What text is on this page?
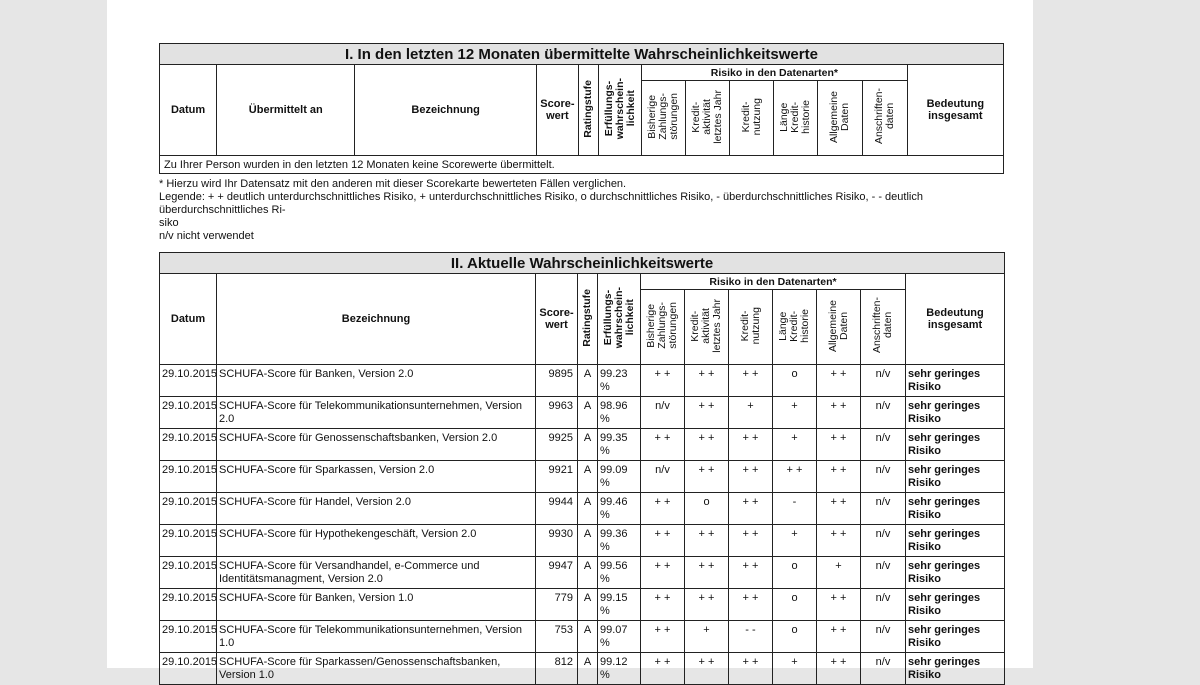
I. In den letzten 12 Monaten übermittelte Wahrscheinlichkeitswerte												
Datum	Übermittelt an	Bezeichnung	Score-
wert	Ratingstufe	Erfüllungs-
wahrschein-
lichkeit	Risiko in den Datenarten*						Bedeutung
insgesamt
						Bisherige
Zahlungs-
störungen	Kredit-
aktivität
letztes Jahr	Kredit-
nutzung	Länge
Kredit-
historie	Allgemeine
Daten	Anschriften-
daten	
Zu Ihrer Person wurden in den letzten 12 Monaten keine Scorewerte übermittelt.												
* Hierzu wird Ihr Datensatz mit den anderen mit dieser Scorekarte bewerteten Fällen verglichen.
Legende: + + deutlich unterdurchschnittliches Risiko, + unterdurchschnittliches Risiko, o durchschnittliches Risiko, - überdurchschnittliches Risiko, - - deutlich überdurchschnittliches Ri-
siko
n/v nicht verwendet
II. Aktuelle Wahrscheinlichkeitswerte											
Datum	Bezeichnung	Score-
wert	Ratingstufe	Erfüllungs-
wahrschein-
lichkeit	Risiko in den Datenarten*						Bedeutung
insgesamt
					Bisherige
Zahlungs-
störungen	Kredit-
aktivität
letztes Jahr	Kredit-
nutzung	Länge
Kredit-
historie	Allgemeine
Daten	Anschriften-
daten	
29.10.2015	SCHUFA-Score für Banken, Version 2.0	9895	A	99.23 %	+ +	+ +	+ +	o	+ +	n/v	sehr geringes Risiko
29.10.2015	SCHUFA-Score für Telekommunikationsunternehmen, Version 2.0	9963	A	98.96 %	n/v	+ +	+	+	+ +	n/v	sehr geringes Risiko
29.10.2015	SCHUFA-Score für Genossenschaftsbanken, Version 2.0	9925	A	99.35 %	+ +	+ +	+ +	+	+ +	n/v	sehr geringes Risiko
29.10.2015	SCHUFA-Score für Sparkassen, Version 2.0	9921	A	99.09 %	n/v	+ +	+ +	+ +	+ +	n/v	sehr geringes Risiko
29.10.2015	SCHUFA-Score für Handel, Version 2.0	9944	A	99.46 %	+ +	o	+ +	-	+ +	n/v	sehr geringes Risiko
29.10.2015	SCHUFA-Score für Hypothekengeschäft, Version 2.0	9930	A	99.36 %	+ +	+ +	+ +	+	+ +	n/v	sehr geringes Risiko
29.10.2015	SCHUFA-Score für Versandhandel, e-Commerce und Identitätsmanagment, Version 2.0	9947	A	99.56 %	+ +	+ +	+ +	o	+	n/v	sehr geringes Risiko
29.10.2015	SCHUFA-Score für Banken, Version 1.0	779	A	99.15 %	+ +	+ +	+ +	o	+ +	n/v	sehr geringes Risiko
29.10.2015	SCHUFA-Score für Telekommunikationsunternehmen, Version 1.0	753	A	99.07 %	+ +	+	- -	o	+ +	n/v	sehr geringes Risiko
29.10.2015	SCHUFA-Score für Sparkassen/Genossenschaftsbanken, Version 1.0	812	A	99.12 %	+ +	+ +	+ +	+	+ +	n/v	sehr geringes Risiko
